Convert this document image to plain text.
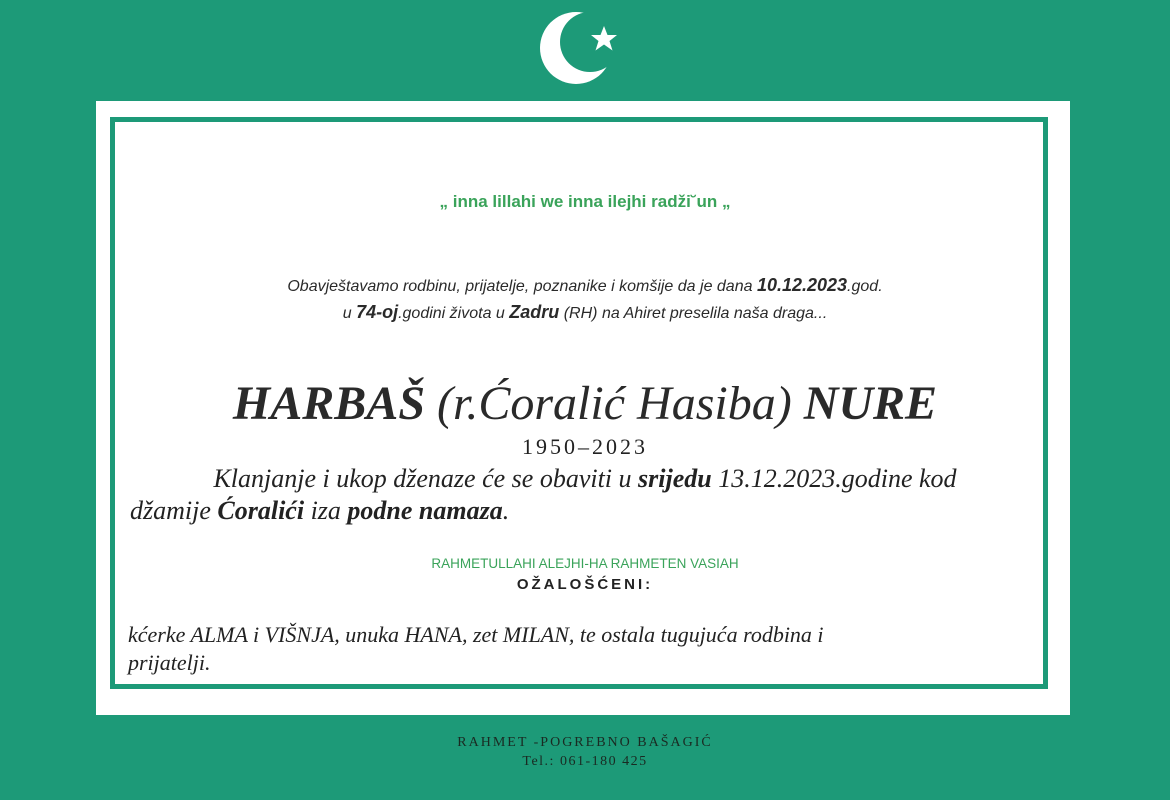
„ inna lillahi we inna ilejhi radži˘un „
Obavještavamo rodbinu, prijatelje, poznanike i komšije da je dana 10.12.2023.god.
u 74-oj.godini života u Zadru (RH) na Ahiret preselila naša draga...
HARBAŠ (r.Ćoralić Hasiba) NURE
1950–2023
Klanjanje i ukop dženaze će se obaviti u srijedu 13.12.2023.godine kod
džamije Ćoralići iza podne namaza.
RAHMETULLAHI ALEJHI-HA RAHMETEN VASIAH
OŽALOŠĆENI:
kćerke ALMA i VIŠNJA, unuka HANA, zet MILAN, te ostala tugujuća rodbina i
prijatelji.
RAHMET -POGREBNO BAŠAGIĆ
Tel.: 061-180 425
